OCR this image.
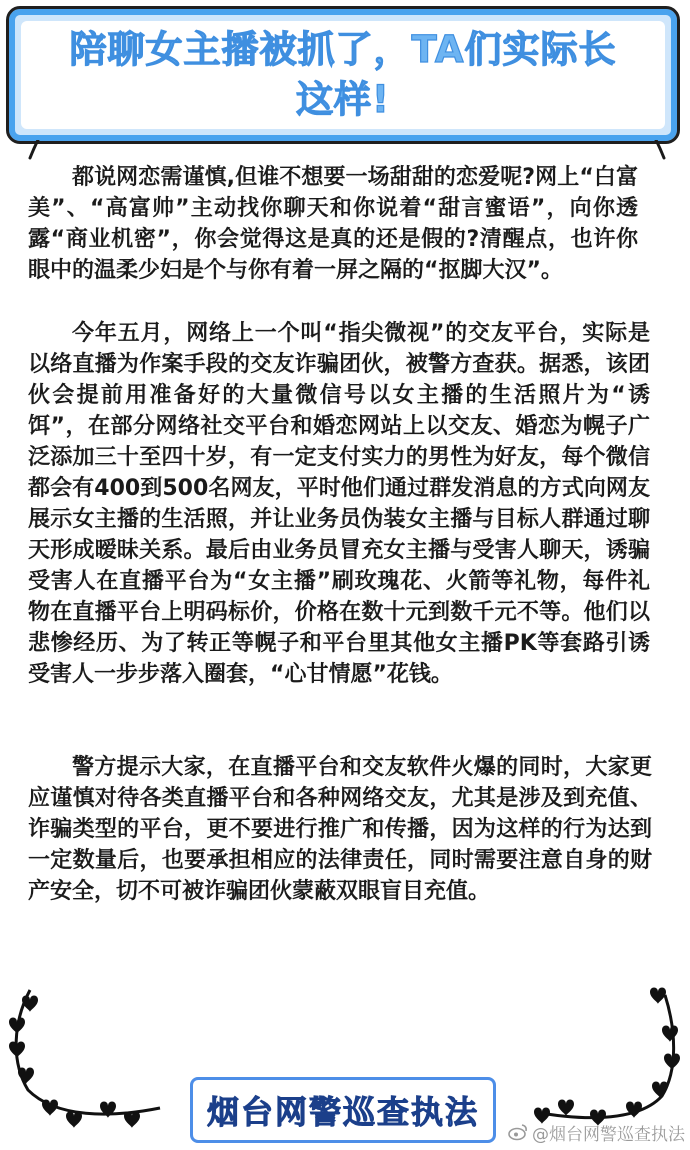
陪聊女主播被抓了，TA们实际长这样!

都说网恋需谨慎,但谁不想要一场甜甜的恋爱呢?网上“白富美”、“高富帅”主动找你聊天和你说着“甜言蜜语”，向你透露“商业机密”，你会觉得这是真的还是假的?清醒点，也许你眼中的温柔少妇是个与你有着一屏之隔的“抠脚大汉”。

今年五月，网络上一个叫“指尖微视”的交友平台，实际是以络直播为作案手段的交友诈骗团伙，被警方查获。据悉，该团伙会提前用准备好的大量微信号以女主播的生活照片为“诱饵”，在部分网络社交平台和婚恋网站上以交友、婚恋为幌子广泛添加三十至四十岁，有一定支付实力的男性为好友，每个微信都会有400到500名网友，平时他们通过群发消息的方式向网友展示女主播的生活照，并让业务员伪装女主播与目标人群通过聊天形成暧昧关系。最后由业务员冒充女主播与受害人聊天，诱骗受害人在直播平台为“女主播”刷玫瑰花、火箭等礼物，每件礼物在直播平台上明码标价，价格在数十元到数千元不等。他们以悲惨经历、为了转正等幌子和平台里其他女主播PK等套路引诱受害人一步步落入圈套，“心甘情愿”花钱。

警方提示大家，在直播平台和交友软件火爆的同时，大家更应谨慎对待各类直播平台和各种网络交友，尤其是涉及到充值、诈骗类型的平台，更不要进行推广和传播，因为这样的行为达到一定数量后，也要承担相应的法律责任，同时需要注意自身的财产安全，切不可被诈骗团伙蒙蔽双眼盲目充值。

烟台网警巡查执法
@烟台网警巡查执法
